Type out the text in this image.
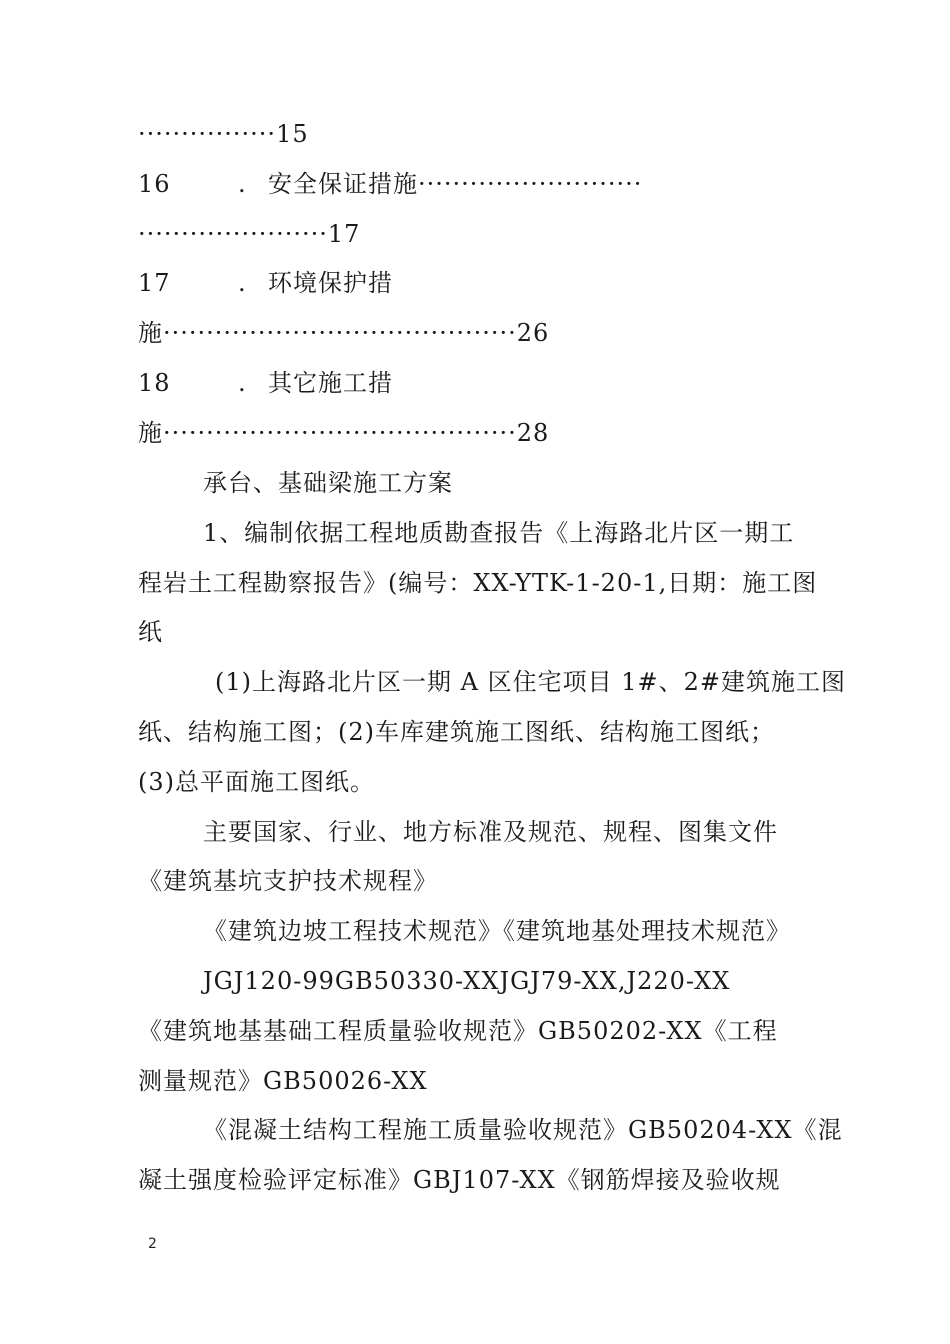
················15
16	. 安全保证措施··························
······················17
17	. 环境保护措
施·········································26
18	. 其它施工措
施·········································28
承台、基础梁施工方案
1、编制依据工程地质勘查报告《上海路北片区一期工
程岩土工程勘察报告》(编号：XX-YTK-1-20-1,日期：施工图
纸
(1)上海路北片区一期 A 区住宅项目 1#、2#建筑施工图
纸、结构施工图；(2)车库建筑施工图纸、结构施工图纸；
(3)总平面施工图纸。
主要国家、行业、地方标准及规范、规程、图集文件
《建筑基坑支护技术规程》
《建筑边坡工程技术规范》《建筑地基处理技术规范》
JGJ120-99GB50330-XXJGJ79-XX,J220-XX
《建筑地基基础工程质量验收规范》GB50202-XX《工程
测量规范》GB50026-XX
《混凝土结构工程施工质量验收规范》GB50204-XX《混
凝土强度检验评定标准》GBJ107-XX《钢筋焊接及验收规
2
